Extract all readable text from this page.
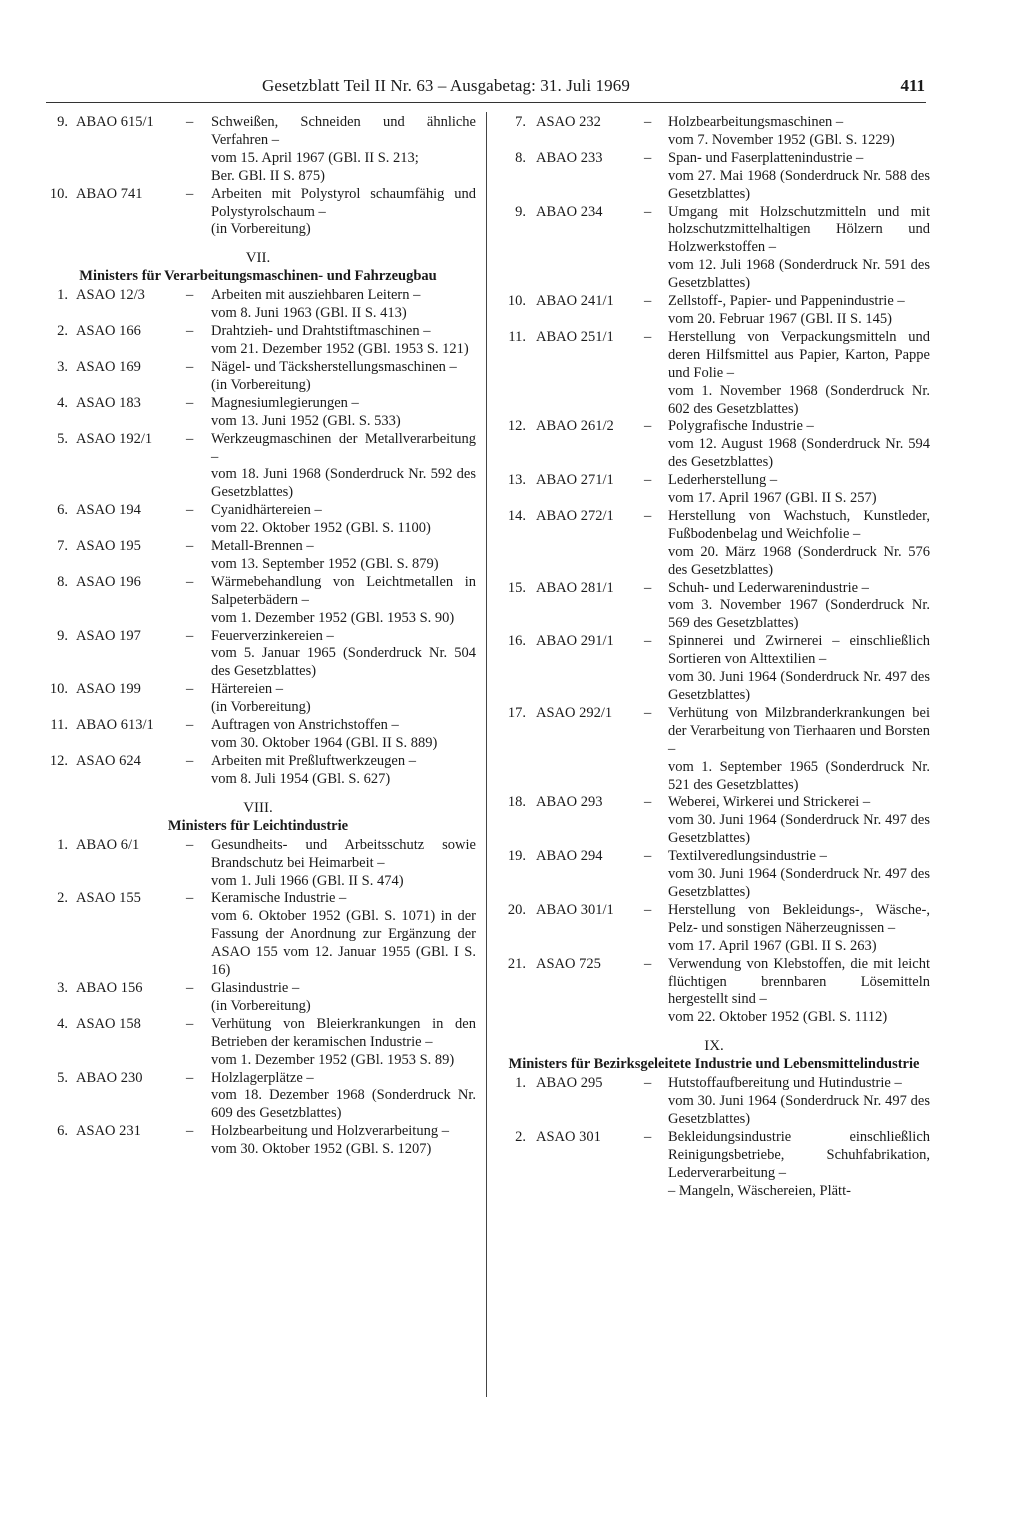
Gesetzblatt Teil II Nr. 63 – Ausgabetag: 31. Juli 1969	411
9. ABAO 615/1 – Schweißen, Schneiden und ähnliche Verfahren –
vom 15. April 1967 (GBl. II S. 213;
Ber. GBl. II S. 875)
10. ABAO 741	– Arbeiten mit Polystyrol schaumfähig und Polystyrolschaum –
(in Vorbereitung)
VII.
Ministers für Verarbeitungsmaschinen- und Fahrzeugbau
1. ASAO 12/3	– Arbeiten mit ausziehbaren Leitern –
vom 8. Juni 1963 (GBl. II S. 413)
2. ASAO 166	– Drahtzieh- und Drahtstiftmaschinen –
vom 21. Dezember 1952 (GBl. 1953 S. 121)
3. ASAO 169	– Nägel- und Täcksherstellungsmaschinen –
(in Vorbereitung)
4. ASAO 183	– Magnesiumlegierungen –
vom 13. Juni 1952 (GBl. S. 533)
5. ASAO 192/1 – Werkzeugmaschinen der Metallverarbeitung –
vom 18. Juni 1968 (Sonderdruck Nr. 592 des Gesetzblattes)
6. ASAO 194	– Cyanidhärtereien –
vom 22. Oktober 1952 (GBl. S. 1100)
7. ASAO 195	– Metall-Brennen –
vom 13. September 1952 (GBl. S. 879)
8. ASAO 196	– Wärmebehandlung von Leichtmetallen in Salpeterbädern –
vom 1. Dezember 1952 (GBl. 1953 S. 90)
9. ASAO 197	– Feuerverzinkereien –
vom 5. Januar 1965 (Sonderdruck Nr. 504 des Gesetzblattes)
10. ASAO 199	– Härtereien –
(in Vorbereitung)
11. ABAO 613/1 – Auftragen von Anstrichstoffen –
vom 30. Oktober 1964 (GBl. II S. 889)
12. ASAO 624	– Arbeiten mit Preßluftwerkzeugen –
vom 8. Juli 1954 (GBl. S. 627)
VIII.
Ministers für Leichtindustrie
1. ABAO 6/1	– Gesundheits- und Arbeitsschutz sowie Brandschutz bei Heimarbeit –
vom 1. Juli 1966 (GBl. II S. 474)
2. ASAO 155	– Keramische Industrie –
vom 6. Oktober 1952 (GBl. S. 1071) in der Fassung der Anordnung zur Ergänzung der ASAO 155 vom 12. Januar 1955 (GBl. I S. 16)
3. ABAO 156	– Glasindustrie –
(in Vorbereitung)
4. ASAO 158	– Verhütung von Bleierkrankungen in den Betrieben der keramischen Industrie –
vom 1. Dezember 1952 (GBl. 1953 S. 89)
5. ABAO 230	– Holzlagerplätze –
vom 18. Dezember 1968 (Sonderdruck Nr. 609 des Gesetzblattes)
6. ASAO 231	– Holzbearbeitung und Holzverarbeitung –
vom 30. Oktober 1952 (GBl. S. 1207)
7. ASAO 232	– Holzbearbeitungsmaschinen –
vom 7. November 1952 (GBl. S. 1229)
8. ABAO 233	– Span- und Faserplattenindustrie –
vom 27. Mai 1968 (Sonderdruck Nr. 588 des Gesetzblattes)
9. ABAO 234	– Umgang mit Holzschutzmitteln und mit holzschutzmittelhaltigen Hölzern und Holzwerkstoffen –
vom 12. Juli 1968 (Sonderdruck Nr. 591 des Gesetzblattes)
10. ABAO 241/1 – Zellstoff-, Papier- und Pappenindustrie –
vom 20. Februar 1967 (GBl. II S. 145)
11. ABAO 251/1 – Herstellung von Verpackungsmitteln und deren Hilfsmittel aus Papier, Karton, Pappe und Folie –
vom 1. November 1968 (Sonderdruck Nr. 602 des Gesetzblattes)
12. ABAO 261/2 – Polygrafische Industrie –
vom 12. August 1968 (Sonderdruck Nr. 594 des Gesetzblattes)
13. ABAO 271/1 – Lederherstellung –
vom 17. April 1967 (GBl. II S. 257)
14. ABAO 272/1 – Herstellung von Wachstuch, Kunstleder, Fußbodenbelag und Weichfolie –
vom 20. März 1968 (Sonderdruck Nr. 576 des Gesetzblattes)
15. ABAO 281/1 – Schuh- und Lederwarenindustrie –
vom 3. November 1967 (Sonderdruck Nr. 569 des Gesetzblattes)
16. ABAO 291/1 – Spinnerei und Zwirnerei – einschließlich Sortieren von Alttextilien –
vom 30. Juni 1964 (Sonderdruck Nr. 497 des Gesetzblattes)
17. ASAO 292/1 – Verhütung von Milzbranderkrankungen bei der Verarbeitung von Tierhaaren und Borsten –
vom 1. September 1965 (Sonderdruck Nr. 521 des Gesetzblattes)
18. ABAO 293	– Weberei, Wirkerei und Strickerei –
vom 30. Juni 1964 (Sonderdruck Nr. 497 des Gesetzblattes)
19. ABAO 294	– Textilveredlungsindustrie –
vom 30. Juni 1964 (Sonderdruck Nr. 497 des Gesetzblattes)
20. ABAO 301/1 – Herstellung von Bekleidungs-, Wäsche-, Pelz- und sonstigen Näherzeugnissen –
vom 17. April 1967 (GBl. II S. 263)
21. ASAO 725	– Verwendung von Klebstoffen, die mit leicht flüchtigen brennbaren Lösemitteln hergestellt sind –
vom 22. Oktober 1952 (GBl. S. 1112)
IX.
Ministers für Bezirksgeleitete Industrie und Lebensmittelindustrie
1. ABAO 295	– Hutstoffaufbereitung und Hutindustrie –
vom 30. Juni 1964 (Sonderdruck Nr. 497 des Gesetzblattes)
2. ASAO 301	– Bekleidungsindustrie einschließlich Reinigungsbetriebe, Schuhfabrikation, Lederverarbeitung –
– Mangeln, Wäschereien, Plätt-
